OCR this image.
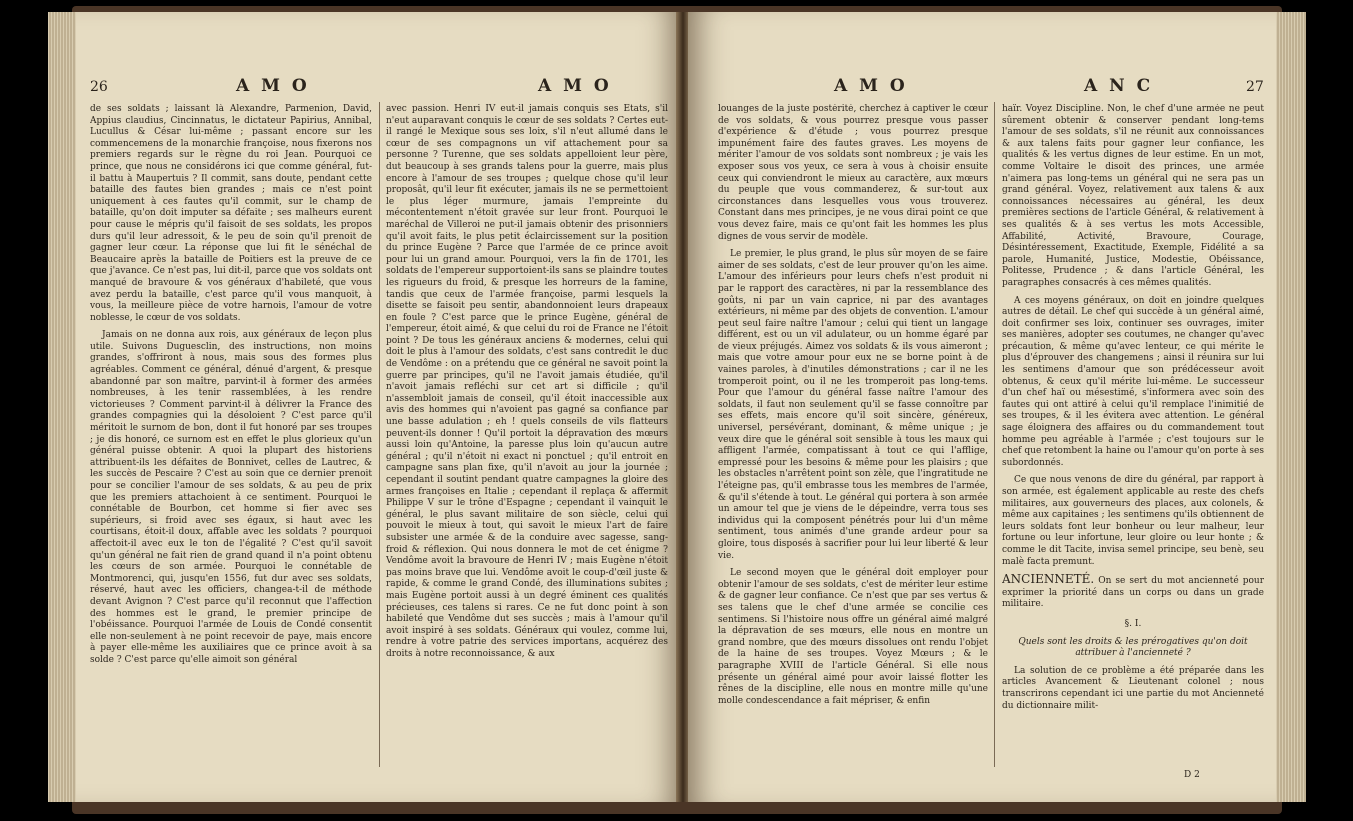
26	A M O	A M O

de ses soldats ; laissant là Alexandre, Parmenion, David, Appius claudius, Cincinnatus, le dictateur Papirius, Annibal, Lucullus & César lui-même ; passant encore sur les commencemens de la monarchie françoise, nous fixerons nos premiers regards sur le règne du roi Jean. Pourquoi ce prince, que nous ne considérons ici que comme général, fut-il battu à Maupertuis ? Il commit, sans doute, pendant cette bataille des fautes bien grandes ; mais ce n'est point uniquement à ces fautes qu'il commit, sur le champ de bataille, qu'on doit imputer sa défaite ; ses malheurs eurent pour cause le mépris qu'il faisoit de ses soldats, les propos durs qu'il leur adressoit, & le peu de soin qu'il prenoit de gagner leur cœur. La réponse que lui fit le sénéchal de Beaucaire après la bataille de Poitiers est la preuve de ce que j'avance. Ce n'est pas, lui dit-il, parce que vos soldats ont manqué de bravoure & vos généraux d'habileté, que vous avez perdu la bataille, c'est parce qu'il vous manquoit, à vous, la meilleure pièce de votre harnois, l'amour de votre noblesse, le cœur de vos soldats.

Jamais on ne donna aux rois, aux généraux de leçon plus utile. Suivons Duguesclin, des instructions, non moins grandes, s'offriront à nous, mais sous des formes plus agréables. Comment ce général, dénué d'argent, & presque abandonné par son maître, parvint-il à former des armées nombreuses, à les tenir rassemblées, à les rendre victorieuses ? Comment parvint-il à délivrer la France des grandes compagnies qui la désoloient ? C'est parce qu'il méritoit le surnom de bon, dont il fut honoré par ses troupes ; je dis honoré, ce surnom est en effet le plus glorieux qu'un général puisse obtenir. A quoi la plupart des historiens attribuent-ils les défaites de Bonnivet, celles de Lautrec, & les succès de Pescaire ? C'est au soin que ce dernier prenoit pour se concilier l'amour de ses soldats, & au peu de prix que les premiers attachoient à ce sentiment. Pourquoi le connétable de Bourbon, cet homme si fier avec ses supérieurs, si froid avec ses égaux, si haut avec les courtisans, étoit-il doux, affable avec les soldats ? pourquoi affectoit-il avec eux le ton de l'égalité ? C'est qu'il savoit qu'un général ne fait rien de grand quand il n'a point obtenu les cœurs de son armée. Pourquoi le connétable de Montmorenci, qui, jusqu'en 1556, fut dur avec ses soldats, réservé, haut avec les officiers, changea-t-il de méthode devant Avignon ? C'est parce qu'il reconnut que l'affection des hommes est le grand, le premier principe de l'obéissance. Pourquoi l'armée de Louis de Condé consentit elle non-seulement à ne point recevoir de paye, mais encore à payer elle-même les auxiliaires que ce prince avoit à sa solde ? C'est parce qu'elle aimoit son général

avec passion. Henri IV eut-il jamais conquis ses Etats, s'il n'eut auparavant conquis le cœur de ses soldats ? Certes eut-il rangé le Mexique sous ses loix, s'il n'eut allumé dans le cœur de ses compagnons un vif attachement pour sa personne ? Turenne, que ses soldats appelloient leur père, dut beaucoup à ses grands talens pour la guerre, mais plus encore à l'amour de ses troupes ; quelque chose qu'il leur proposât, qu'il leur fit exécuter, jamais ils ne se permettoient le plus léger murmure, jamais l'empreinte du mécontentement n'étoit gravée sur leur front. Pourquoi le maréchal de Villeroi ne put-il jamais obtenir des prisonniers qu'il avoit faits, le plus petit éclaircissement sur la position du prince Eugène ? Parce que l'armée de ce prince avoit pour lui un grand amour. Pourquoi, vers la fin de 1701, les soldats de l'empereur supportoient-ils sans se plaindre toutes les rigueurs du froid, & presque les horreurs de la famine, tandis que ceux de l'armée françoise, parmi lesquels la disette se faisoit peu sentir, abandonnoient leurs drapeaux en foule ? C'est parce que le prince Eugène, général de l'empereur, étoit aimé, & que celui du roi de France ne l'étoit point ? De tous les généraux anciens & modernes, celui qui doit le plus à l'amour des soldats, c'est sans contredit le duc de Vendôme : on a prétendu que ce général ne savoit point la guerre par principes, qu'il ne l'avoit jamais étudiée, qu'il n'avoit jamais refléchi sur cet art si difficile ; qu'il n'assembloit jamais de conseil, qu'il étoit inaccessible aux avis des hommes qui n'avoient pas gagné sa confiance par une basse adulation ; eh ! quels conseils de vils flatteurs peuvent-ils donner ! Qu'il portoit la dépravation des mœurs aussi loin qu'Antoine, la paresse plus loin qu'aucun autre général ; qu'il n'étoit ni exact ni ponctuel ; qu'il entroit en campagne sans plan fixe, qu'il n'avoit au jour la journée ; cependant il soutint pendant quatre campagnes la gloire des armes françoises en Italie ; cependant il replaça & affermit Philippe V sur le trône d'Espagne ; cependant il vainquit le général, le plus savant militaire de son siècle, celui qui pouvoit le mieux à tout, qui savoit le mieux l'art de faire subsister une armée & de la conduire avec sagesse, sang-froid & réflexion. Qui nous donnera le mot de cet énigme ? Vendôme avoit la bravoure de Henri IV ; mais Eugène n'étoit pas moins brave que lui. Vendôme avoit le coup-d'œil juste & rapide, & comme le grand Condé, des illuminations subites ; mais Eugène portoit aussi à un degré éminent ces qualités précieuses, ces talens si rares. Ce ne fut donc point à son habileté que Vendôme dut ses succès ; mais à l'amour qu'il avoit inspiré à ses soldats. Généraux qui voulez, comme lui, rendre à votre patrie des services importans, acquérez des droits à notre reconnoissance, & aux

A M O	A N C	27

louanges de la juste postérité, cherchez à captiver le cœur de vos soldats, & vous pourrez presque vous passer d'expérience & d'étude ; vous pourrez presque impunément faire des fautes graves. Les moyens de mériter l'amour de vos soldats sont nombreux ; je vais les exposer sous vos yeux, ce sera à vous à choisir ensuite ceux qui conviendront le mieux au caractère, aux mœurs du peuple que vous commanderez, & sur-tout aux circonstances dans lesquelles vous vous trouverez. Constant dans mes principes, je ne vous dirai point ce que vous devez faire, mais ce qu'ont fait les hommes les plus dignes de vous servir de modèle.

Le premier, le plus grand, le plus sûr moyen de se faire aimer de ses soldats, c'est de leur prouver qu'on les aime. L'amour des inférieurs pour leurs chefs n'est produit ni par le rapport des caractères, ni par la ressemblance des goûts, ni par un vain caprice, ni par des avantages extérieurs, ni même par des objets de convention. L'amour peut seul faire naître l'amour ; celui qui tient un langage différent, est ou un vil adulateur, ou un homme égaré par de vieux préjugés. Aimez vos soldats & ils vous aimeront ; mais que votre amour pour eux ne se borne point à de vaines paroles, à d'inutiles démonstrations ; car il ne les tromperoit point, ou il ne les tromperoit pas long-tems. Pour que l'amour du général fasse naître l'amour des soldats, il faut non seulement qu'il se fasse connoître par ses effets, mais encore qu'il soit sincère, généreux, universel, persévérant, dominant, & même unique ; je veux dire que le général soit sensible à tous les maux qui affligent l'armée, compatissant à tout ce qui l'afflige, empressé pour les besoins & même pour les plaisirs ; que les obstacles n'arrêtent point son zèle, que l'ingratitude ne l'éteigne pas, qu'il embrasse tous les membres de l'armée, & qu'il s'étende à tout. Le général qui portera à son armée un amour tel que je viens de le dépeindre, verra tous ses individus qui la composent pénétrés pour lui d'un même sentiment, tous animés d'une grande ardeur pour sa gloire, tous disposés à sacrifier pour lui leur liberté & leur vie.

Le second moyen que le général doit employer pour obtenir l'amour de ses soldats, c'est de mériter leur estime & de gagner leur confiance. Ce n'est que par ses vertus & ses talens que le chef d'une armée se concilie ces sentimens. Si l'histoire nous offre un général aimé malgré la dépravation de ses mœurs, elle nous en montre un grand nombre, que des mœurs dissolues ont rendu l'objet de la haine de ses troupes. Voyez Mœurs ; & le paragraphe XVIII de l'article Général. Si elle nous présente un général aimé pour avoir laissé flotter les rênes de la discipline, elle nous en montre mille qu'une molle condescendance a fait mépriser, & enfin

haïr. Voyez Discipline. Non, le chef d'une armée ne peut sûrement obtenir & conserver pendant long-tems l'amour de ses soldats, s'il ne réunit aux connoissances & aux talens faits pour gagner leur confiance, les qualités & les vertus dignes de leur estime. En un mot, comme Voltaire le disoit des princes, une armée n'aimera pas long-tems un général qui ne sera pas un grand général. Voyez, relativement aux talens & aux connoissances nécessaires au général, les deux premières sections de l'article Général, & relativement à ses qualités & à ses vertus les mots Accessible, Affabilité, Activité, Bravoure, Courage, Désintéressement, Exactitude, Exemple, Fidélité a sa parole, Humanité, Justice, Modestie, Obéissance, Politesse, Prudence ; & dans l'article Général, les paragraphes consacrés à ces mêmes qualités.

A ces moyens généraux, on doit en joindre quelques autres de détail. Le chef qui succède à un général aimé, doit confirmer ses loix, continuer ses ouvrages, imiter ses manières, adopter ses coutumes, ne changer qu'avec précaution, & même qu'avec lenteur, ce qui mérite le plus d'éprouver des changemens ; ainsi il réunira sur lui les sentimens d'amour que son prédécesseur avoit obtenus, & ceux qu'il mérite lui-même. Le successeur d'un chef haï ou mésestimé, s'informera avec soin des fautes qui ont attiré à celui qu'il remplace l'inimitié de ses troupes, & il les évitera avec attention. Le général sage éloignera des affaires ou du commandement tout homme peu agréable à l'armée ; c'est toujours sur le chef que retombent la haine ou l'amour qu'on porte à ses subordonnés.

Ce que nous venons de dire du général, par rapport à son armée, est également applicable au reste des chefs militaires, aux gouverneurs des places, aux colonels, & même aux capitaines ; les sentimens qu'ils obtiennent de leurs soldats font leur bonheur ou leur malheur, leur fortune ou leur infortune, leur gloire ou leur honte ; & comme le dit Tacite, invisa semel principe, seu benè, seu malè facta premunt.

ANCIENNETÉ. On se sert du mot ancienneté pour exprimer la priorité dans un corps ou dans un grade militaire.

§. I.

Quels sont les droits & les prérogatives qu'on doit attribuer à l'ancienneté ?

La solution de ce problème a été préparée dans les articles Avancement & Lieutenant colonel ; nous transcrirons cependant ici une partie du mot Ancienneté du dictionnaire milit-

D 2
